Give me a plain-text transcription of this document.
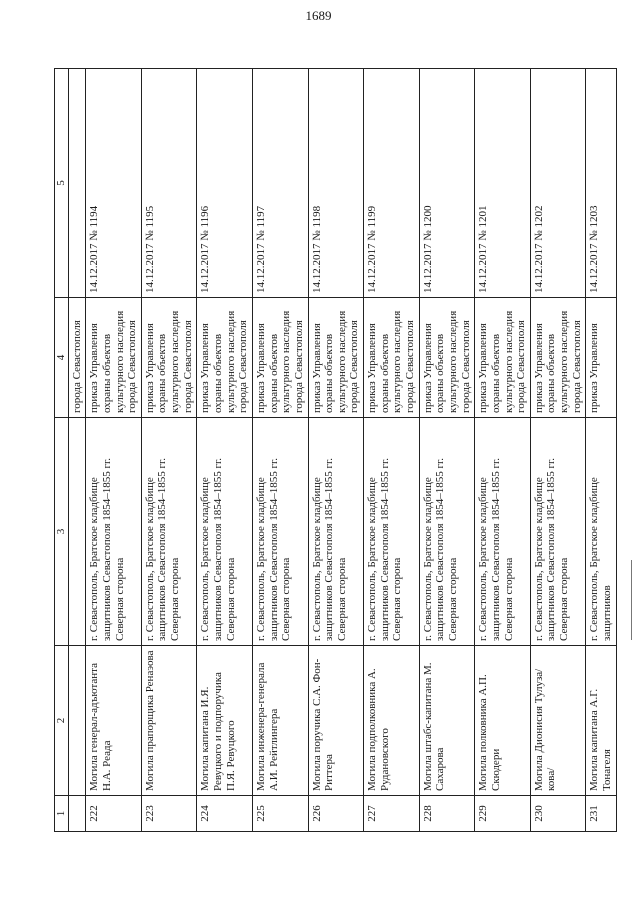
1689
1	2	3	4	5
			города Севастополя	
222	Могила генерал-адъютанта Н.А. Реада	г. Севастополь, Братское кладбище защитников Севастополя 1854–1855 гг. Северная сторона	приказ Управления охраны объектов культурного наследия города Севастополя	14.12.2017 № 1194
223	Могила прапорщика Ренаэова	г. Севастополь, Братское кладбище защитников Севастополя 1854–1855 гг. Северная сторона	приказ Управления охраны объектов культурного наследия города Севастополя	14.12.2017 № 1195
224	Могила капитана И.Я. Ревуцкого и подпоручика П.Я. Ревуцкого	г. Севастополь, Братское кладбище защитников Севастополя 1854–1855 гг. Северная сторона	приказ Управления охраны объектов культурного наследия города Севастополя	14.12.2017 № 1196
225	Могила инженера-генерала А.И. Рейтлингера	г. Севастополь, Братское кладбище защитников Севастополя 1854–1855 гг. Северная сторона	приказ Управления охраны объектов культурного наследия города Севастополя	14.12.2017 № 1197
226	Могила поручика С.А. Фон-Риттера	г. Севастополь, Братское кладбище защитников Севастополя 1854–1855 гг. Северная сторона	приказ Управления охраны объектов культурного наследия города Севастополя	14.12.2017 № 1198
227	Могила подполковника А. Рудановского	г. Севастополь, Братское кладбище защитников Севастополя 1854–1855 гг. Северная сторона	приказ Управления охраны объектов культурного наследия города Севастополя	14.12.2017 № 1199
228	Могила штабс-капитана М. Сахарова	г. Севастополь, Братское кладбище защитников Севастополя 1854–1855 гг. Северная сторона	приказ Управления охраны объектов культурного наследия города Севастополя	14.12.2017 № 1200
229	Могила полковника А.П. Скюдери	г. Севастополь, Братское кладбище защитников Севастополя 1854–1855 гг. Северная сторона	приказ Управления охраны объектов культурного наследия города Севастополя	14.12.2017 № 1201
230	Могила Дионисия Тулуза/кова/	г. Севастополь, Братское кладбище защитников Севастополя 1854–1855 гг. Северная сторона	приказ Управления охраны объектов культурного наследия города Севастополя	14.12.2017 № 1202
231	Могила капитана А.Г. Тонагеля	г. Севастополь, Братское кладбище защитников	приказ Управления	14.12.2017 № 1203
